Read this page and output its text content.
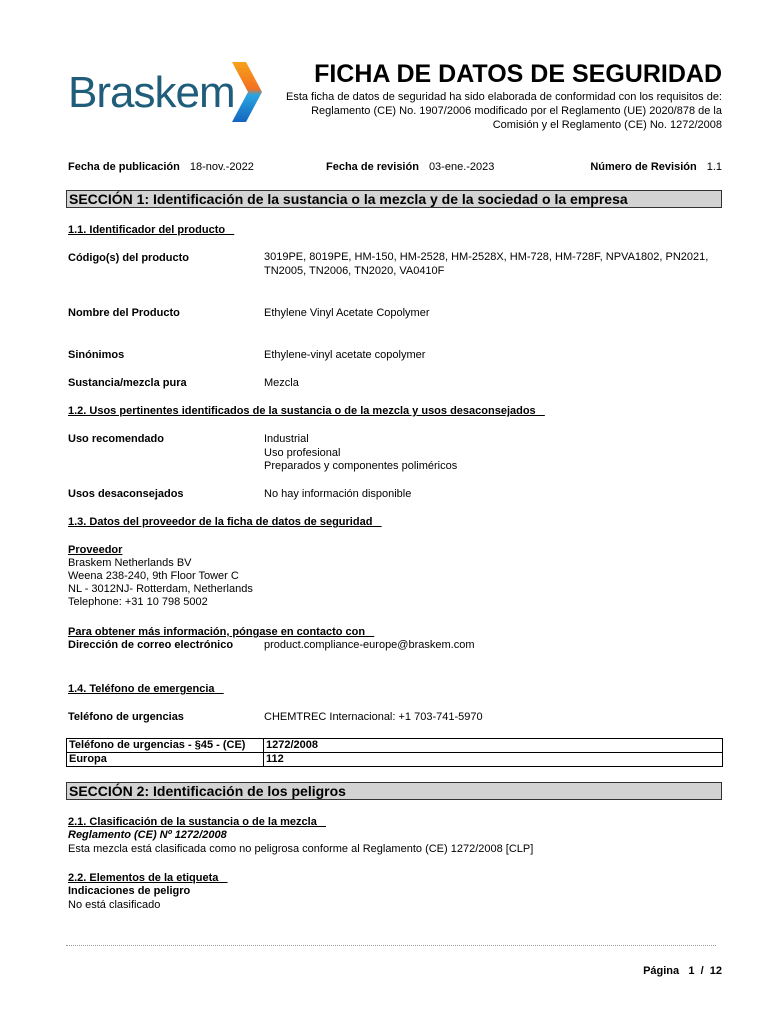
Braskem	FICHA DE DATOS DE SEGURIDAD
Esta ficha de datos de seguridad ha sido elaborada de conformidad con los requisitos de:
Reglamento (CE) No. 1907/2006 modificado por el Reglamento (UE) 2020/878 de la
Comisión y el Reglamento (CE) No. 1272/2008
Fecha de publicación 18-nov.-2022	Fecha de revisión 03-ene.-2023	Número de Revisión 1.1
SECCIÓN 1: Identificación de la sustancia o la mezcla y de la sociedad o la empresa
1.1. Identificador del producto
Código(s) del producto	3019PE, 8019PE, HM-150, HM-2528, HM-2528X, HM-728, HM-728F, NPVA1802, PN2021,
TN2005, TN2006, TN2020, VA0410F
Nombre del Producto	Ethylene Vinyl Acetate Copolymer
Sinónimos	Ethylene-vinyl acetate copolymer
Sustancia/mezcla pura	Mezcla
1.2. Usos pertinentes identificados de la sustancia o de la mezcla y usos desaconsejados
Uso recomendado	Industrial
Uso profesional
Preparados y componentes poliméricos
Usos desaconsejados	No hay información disponible
1.3. Datos del proveedor de la ficha de datos de seguridad
Proveedor
Braskem Netherlands BV
Weena 238-240, 9th Floor Tower C
NL - 3012NJ- Rotterdam, Netherlands
Telephone: +31 10 798 5002
Para obtener más información, póngase en contacto con
Dirección de correo electrónico	product.compliance-europe@braskem.com
1.4. Teléfono de emergencia
Teléfono de urgencias	CHEMTREC Internacional: +1 703-741-5970
Teléfono de urgencias - §45 - (CE)	1272/2008
Europa	112
SECCIÓN 2: Identificación de los peligros
2.1. Clasificación de la sustancia o de la mezcla
Reglamento (CE) Nº 1272/2008
Esta mezcla está clasificada como no peligrosa conforme al Reglamento (CE) 1272/2008 [CLP]
2.2. Elementos de la etiqueta
Indicaciones de peligro
No está clasificado
Página 1 / 12
